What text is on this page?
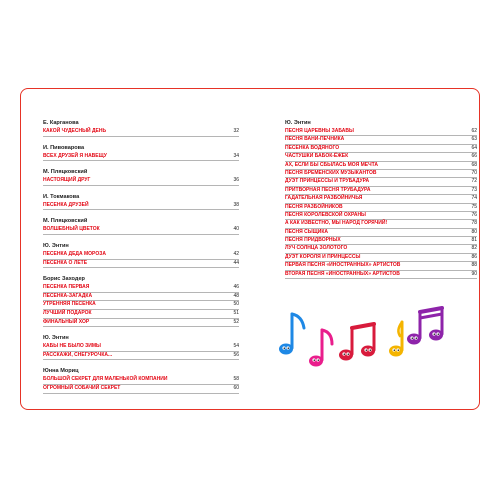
Е. Карганова
КАКОЙ ЧУДЕСНЫЙ ДЕНЬ	32
И. Пивоварова
ВСЕХ ДРУЗЕЙ Я НАВЕЩУ	34
М. Пляцковский
НАСТОЯЩИЙ ДРУГ	36
И. Токмакова
ПЕСЕНКА ДРУЗЕЙ	38
М. Пляцковский
ВОЛШЕБНЫЙ ЦВЕТОК	40
Ю. Энтин
ПЕСЕНКА ДЕДА МОРОЗА	42
ПЕСЕНКА О ЛЕТЕ	44
Борис Заходер
ПЕСЕНКА ПЕРВАЯ	46
ПЕСЕНКА-ЗАГАДКА	48
УТРЕННЯЯ ПЕСЕНКА	50
ЛУЧШИЙ ПОДАРОК	51
ФИНАЛЬНЫЙ ХОР	52
Ю. Энтин
КАБЫ НЕ БЫЛО ЗИМЫ	54
РАССКАЖИ, СНЕГУРОЧКА...	56
Юнна Мориц
БОЛЬШОЙ СЕКРЕТ ДЛЯ МАЛЕНЬКОЙ КОМПАНИИ	58
ОГРОМНЫЙ СОБАЧИЙ СЕКРЕТ	60
Ю. Энтин
ПЕСНЯ ЦАРЕВНЫ ЗАБАВЫ	62
ПЕСНЯ ВАНИ-ПЕЧНИКА	63
ПЕСЕНКА ВОДЯНОГО	64
ЧАСТУШКИ БАБОК-ЁЖЕК	66
АХ, ЕСЛИ БЫ СБЫЛАСЬ МОЯ МЕЧТА	68
ПЕСНЯ БРЕМЕНСКИХ МУЗЫКАНТОВ	70
ДУЭТ ПРИНЦЕССЫ И ТРУБАДУРА	72
ПРИТВОРНАЯ ПЕСНЯ ТРУБАДУРА	73
ГАДАТЕЛЬНАЯ РАЗБОЙНИЧЬЯ	74
ПЕСНЯ РАЗБОЙНИКОВ	75
ПЕСНЯ КОРОЛЕВСКОЙ ОХРАНЫ	76
А КАК ИЗВЕСТНО, МЫ НАРОД ГОРЯЧИЙ!	78
ПЕСНЯ СЫЩИКА	80
ПЕСНЯ ПРИДВОРНЫХ	81
ЛУЧ СОЛНЦА ЗОЛОТОГО	82
ДУЭТ КОРОЛЯ И ПРИНЦЕССЫ	86
ПЕРВАЯ ПЕСНЯ «ИНОСТРАННЫХ» АРТИСТОВ	88
ВТОРАЯ ПЕСНЯ «ИНОСТРАННЫХ» АРТИСТОВ	90
